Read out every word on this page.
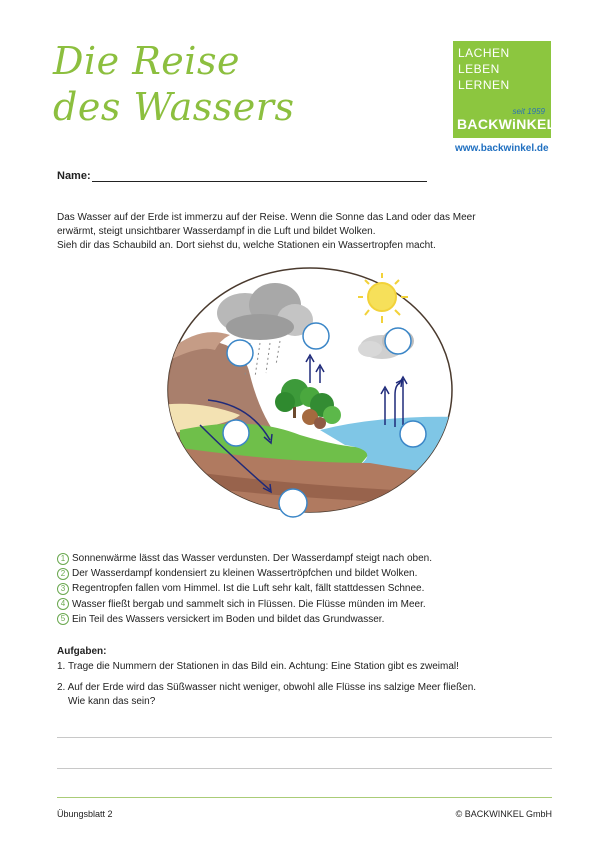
Die Reise
des Wassers
LACHEN
LEBEN
LERNEN
seit 1959
BACKWiNKEL
www.backwinkel.de
Name:

Das Wasser auf der Erde ist immerzu auf der Reise. Wenn die Sonne das Land oder das Meer

erwärmt, steigt unsichtbarer Wasserdampf in die Luft und bildet Wolken.

Sieh dir das Schaubild an. Dort siehst du, welche Stationen ein Wassertropfen macht.

1 Sonnenwärme lässt das Wasser verdunsten. Der Wasserdampf steigt nach oben.
2 Der Wasserdampf kondensiert zu kleinen Wassertröpfchen und bildet Wolken.
3 Regentropfen fallen vom Himmel. Ist die Luft sehr kalt, fällt stattdessen Schnee.
4 Wasser fließt bergab und sammelt sich in Flüssen. Die Flüsse münden im Meer.
5 Ein Teil des Wassers versickert im Boden und bildet das Grundwasser.
Aufgaben:
1. Trage die Nummern der Stationen in das Bild ein. Achtung: Eine Station gibt es zweimal!
2. Auf der Erde wird das Süßwasser nicht weniger, obwohl alle Flüsse ins salzige Meer fließen.
Wie kann das sein?
Übungsblatt 2	© BACKWINKEL GmbH
